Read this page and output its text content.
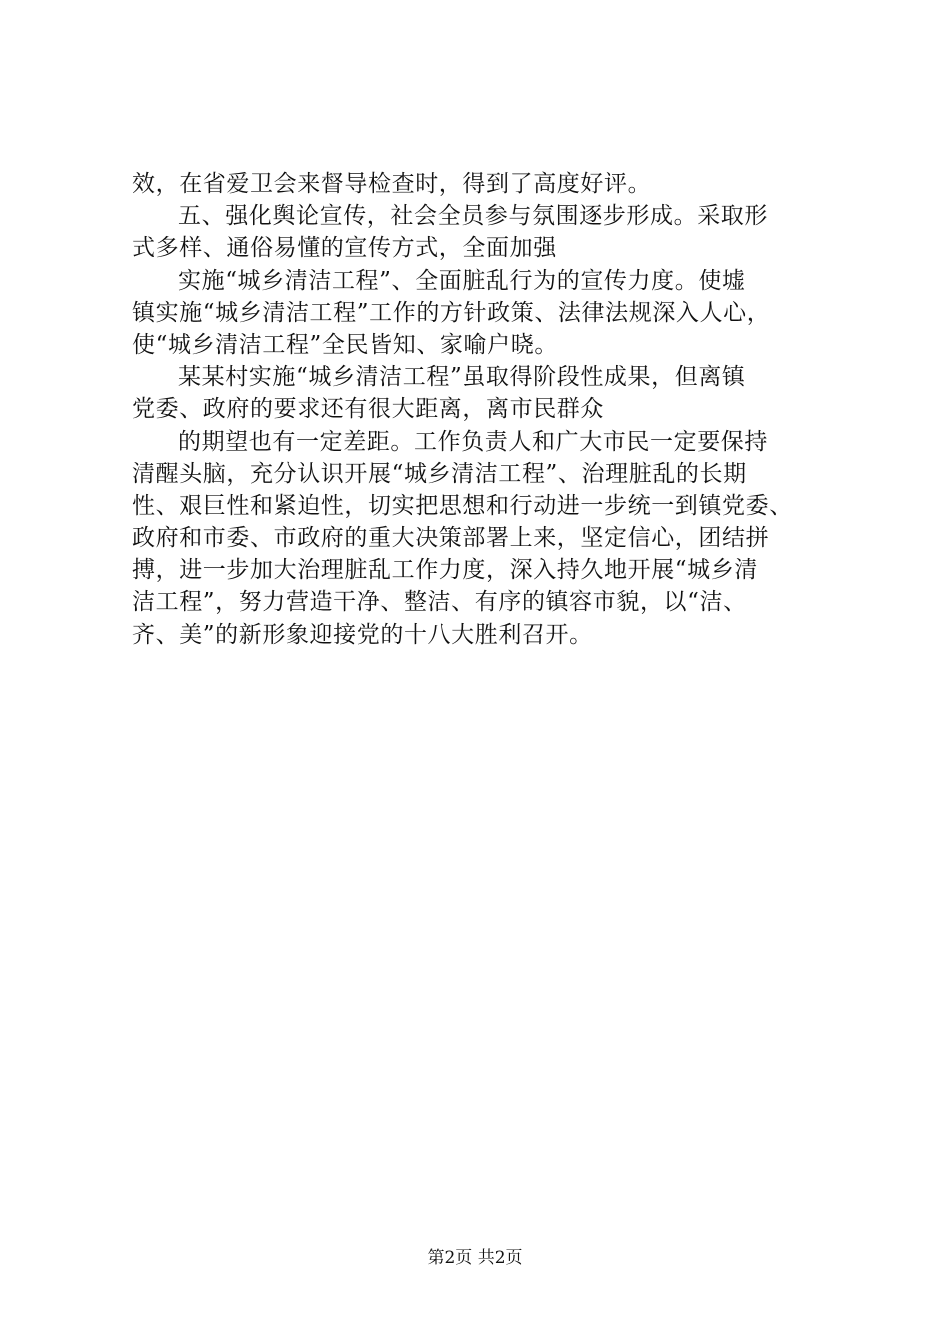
效，在省爱卫会来督导检查时，得到了高度好评。
五、强化舆论宣传，社会全员参与氛围逐步形成。采取形
式多样、通俗易懂的宣传方式，全面加强
实施“城乡清洁工程”、全面脏乱行为的宣传力度。使墟
镇实施“城乡清洁工程”工作的方针政策、法律法规深入人心，
使“城乡清洁工程”全民皆知、家喻户晓。
某某村实施“城乡清洁工程”虽取得阶段性成果，但离镇
党委、政府的要求还有很大距离，离市民群众
的期望也有一定差距。工作负责人和广大市民一定要保持
清醒头脑，充分认识开展“城乡清洁工程”、治理脏乱的长期
性、艰巨性和紧迫性，切实把思想和行动进一步统一到镇党委、
政府和市委、市政府的重大决策部署上来，坚定信心，团结拼
搏，进一步加大治理脏乱工作力度，深入持久地开展“城乡清
洁工程”，努力营造干净、整洁、有序的镇容市貌，以“洁、
齐、美”的新形象迎接党的十八大胜利召开。
第2页 共2页
